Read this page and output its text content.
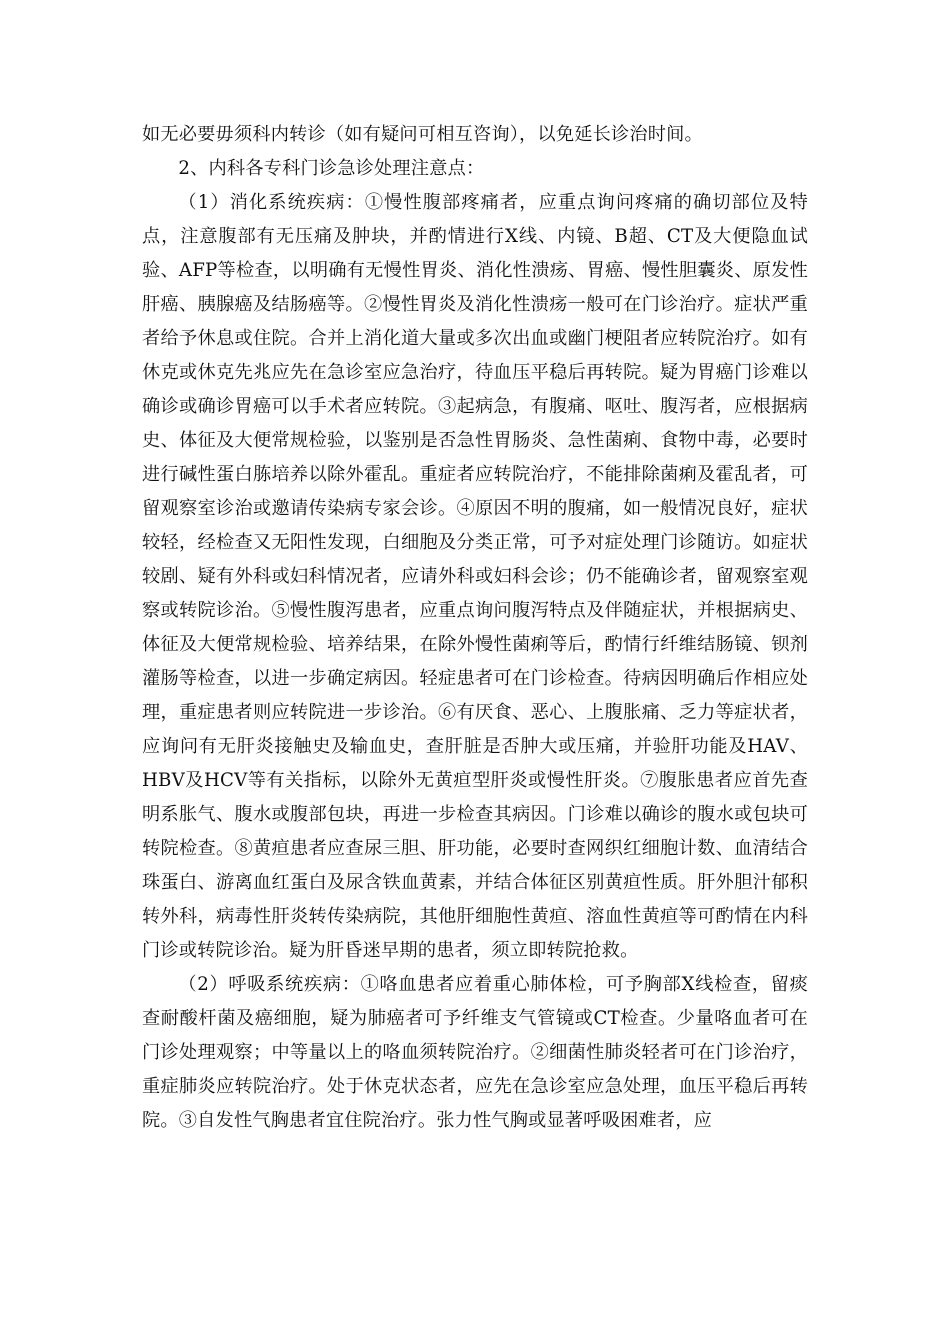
如无必要毋须科内转诊（如有疑问可相互咨询），以免延长诊治时间。

2、内科各专科门诊急诊处理注意点：

（1）消化系统疾病：①慢性腹部疼痛者，应重点询问疼痛的确切部位及特点，注意腹部有无压痛及肿块，并酌情进行X线、内镜、B超、CT及大便隐血试验、AFP等检查，以明确有无慢性胃炎、消化性溃疡、胃癌、慢性胆囊炎、原发性肝癌、胰腺癌及结肠癌等。②慢性胃炎及消化性溃疡一般可在门诊治疗。症状严重者给予休息或住院。合并上消化道大量或多次出血或幽门梗阻者应转院治疗。如有休克或休克先兆应先在急诊室应急治疗，待血压平稳后再转院。疑为胃癌门诊难以确诊或确诊胃癌可以手术者应转院。③起病急，有腹痛、呕吐、腹泻者，应根据病史、体征及大便常规检验，以鉴别是否急性胃肠炎、急性菌痢、食物中毒，必要时进行碱性蛋白胨培养以除外霍乱。重症者应转院治疗，不能排除菌痢及霍乱者，可留观察室诊治或邀请传染病专家会诊。④原因不明的腹痛，如一般情况良好，症状较轻，经检查又无阳性发现，白细胞及分类正常，可予对症处理门诊随访。如症状较剧、疑有外科或妇科情况者，应请外科或妇科会诊；仍不能确诊者，留观察室观察或转院诊治。⑤慢性腹泻患者，应重点询问腹泻特点及伴随症状，并根据病史、体征及大便常规检验、培养结果，在除外慢性菌痢等后，酌情行纤维结肠镜、钡剂灌肠等检查，以进一步确定病因。轻症患者可在门诊检查。待病因明确后作相应处理，重症患者则应转院进一步诊治。⑥有厌食、恶心、上腹胀痛、乏力等症状者，应询问有无肝炎接触史及输血史，查肝脏是否肿大或压痛，并验肝功能及HAV、HBV及HCV等有关指标，以除外无黄疸型肝炎或慢性肝炎。⑦腹胀患者应首先查明系胀气、腹水或腹部包块，再进一步检查其病因。门诊难以确诊的腹水或包块可转院检查。⑧黄疸患者应查尿三胆、肝功能，必要时查网织红细胞计数、血清结合珠蛋白、游离血红蛋白及尿含铁血黄素，并结合体征区别黄疸性质。肝外胆汁郁积转外科，病毒性肝炎转传染病院，其他肝细胞性黄疸、溶血性黄疸等可酌情在内科门诊或转院诊治。疑为肝昏迷早期的患者，须立即转院抢救。

（2）呼吸系统疾病：①咯血患者应着重心肺体检，可予胸部X线检查，留痰查耐酸杆菌及癌细胞，疑为肺癌者可予纤维支气管镜或CT检查。少量咯血者可在门诊处理观察；中等量以上的咯血须转院治疗。②细菌性肺炎轻者可在门诊治疗，重症肺炎应转院治疗。处于休克状态者，应先在急诊室应急处理，血压平稳后再转院。③自发性气胸患者宜住院治疗。张力性气胸或显著呼吸困难者，应
